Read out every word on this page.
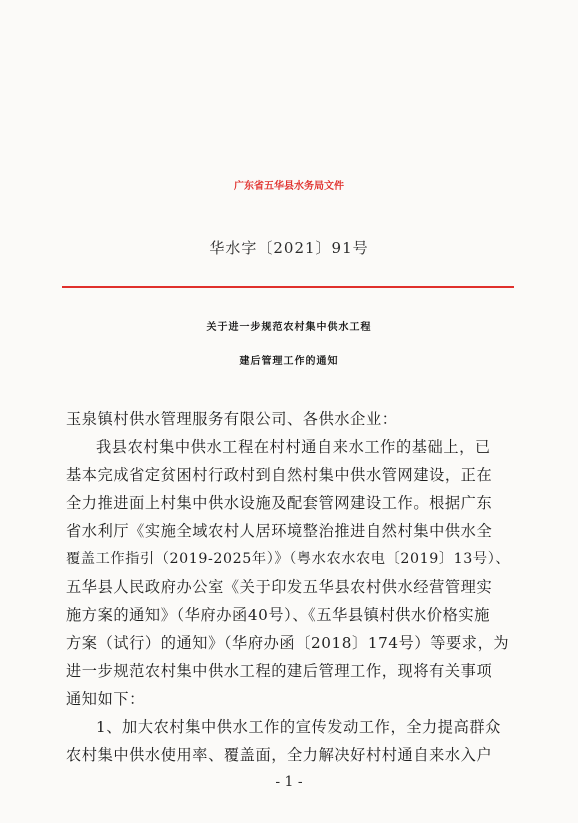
广东省五华县水务局文件
华水字〔2021〕91号
关于进一步规范农村集中供水工程
建后管理工作的通知
玉泉镇村供水管理服务有限公司、各供水企业：
我县农村集中供水工程在村村通自来水工作的基础上，已
基本完成省定贫困村行政村到自然村集中供水管网建设，正在
全力推进面上村集中供水设施及配套管网建设工作。根据广东
省水利厅《实施全域农村人居环境整治推进自然村集中供水全
覆盖工作指引（2019-2025年）》（粤水农水农电〔2019〕13号）、
五华县人民政府办公室《关于印发五华县农村供水经营管理实
施方案的通知》（华府办函40号）、《五华县镇村供水价格实施
方案（试行）的通知》（华府办函〔2018〕174号）等要求，为
进一步规范农村集中供水工程的建后管理工作，现将有关事项
通知如下：
1、加大农村集中供水工作的宣传发动工作，全力提高群众
农村集中供水使用率、覆盖面，全力解决好村村通自来水入户
- 1 -
